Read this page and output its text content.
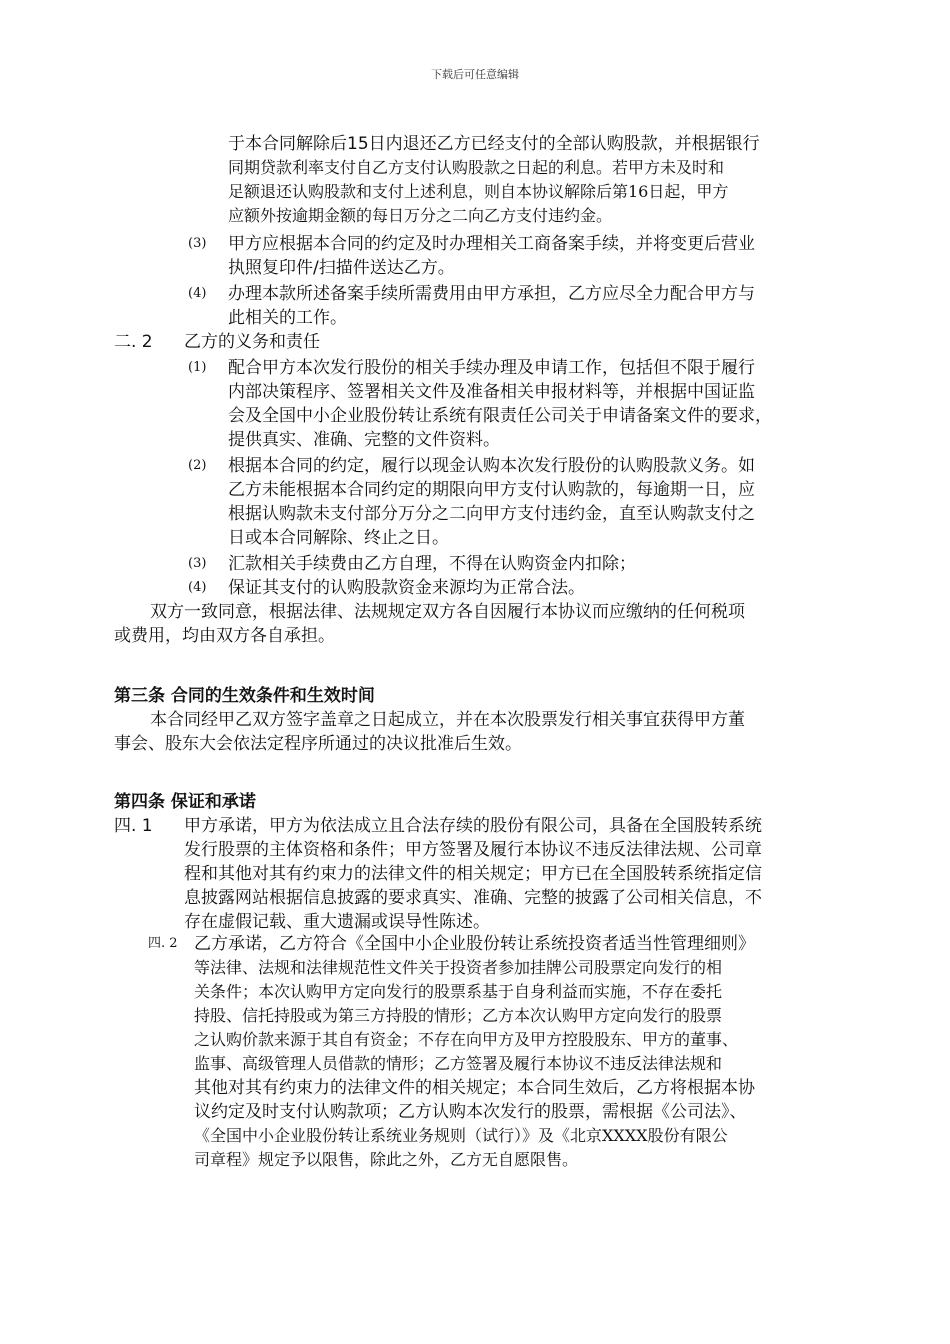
下载后可任意编辑
于本合同解除后15日内退还乙方已经支付的全部认购股款，并根据银行
同期贷款利率支付自乙方支付认购股款之日起的利息。若甲方未及时和
足额退还认购股款和支付上述利息，则自本协议解除后第16日起，甲方
应额外按逾期金额的每日万分之二向乙方支付违约金。
(3) 甲方应根据本合同的约定及时办理相关工商备案手续，并将变更后营业
执照复印件/扫描件送达乙方。
(4) 办理本款所述备案手续所需费用由甲方承担，乙方应尽全力配合甲方与
此相关的工作。
二. 2 乙方的义务和责任
(1) 配合甲方本次发行股份的相关手续办理及申请工作，包括但不限于履行
内部决策程序、签署相关文件及准备相关申报材料等，并根据中国证监
会及全国中小企业股份转让系统有限责任公司关于申请备案文件的要求，
提供真实、准确、完整的文件资料。
(2) 根据本合同的约定，履行以现金认购本次发行股份的认购股款义务。如
乙方未能根据本合同约定的期限向甲方支付认购款的，每逾期一日，应
根据认购款未支付部分万分之二向甲方支付违约金，直至认购款支付之
日或本合同解除、终止之日。
(3) 汇款相关手续费由乙方自理，不得在认购资金内扣除；
(4) 保证其支付的认购股款资金来源均为正常合法。
双方一致同意，根据法律、法规规定双方各自因履行本协议而应缴纳的任何税项
或费用，均由双方各自承担。
第三条 合同的生效条件和生效时间
本合同经甲乙双方签字盖章之日起成立，并在本次股票发行相关事宜获得甲方董
事会、股东大会依法定程序所通过的决议批准后生效。
第四条 保证和承诺
四. 1 甲方承诺，甲方为依法成立且合法存续的股份有限公司，具备在全国股转系统
发行股票的主体资格和条件；甲方签署及履行本协议不违反法律法规、公司章
程和其他对其有约束力的法律文件的相关规定；甲方已在全国股转系统指定信
息披露网站根据信息披露的要求真实、准确、完整的披露了公司相关信息，不
存在虚假记载、重大遗漏或误导性陈述。
四. 2 乙方承诺，乙方符合《全国中小企业股份转让系统投资者适当性管理细则》
等法律、法规和法律规范性文件关于投资者参加挂牌公司股票定向发行的相
关条件；本次认购甲方定向发行的股票系基于自身利益而实施，不存在委托
持股、信托持股或为第三方持股的情形；乙方本次认购甲方定向发行的股票
之认购价款来源于其自有资金；不存在向甲方及甲方控股股东、甲方的董事、
监事、高级管理人员借款的情形；乙方签署及履行本协议不违反法律法规和
其他对其有约束力的法律文件的相关规定；本合同生效后，乙方将根据本协
议约定及时支付认购款项；乙方认购本次发行的股票，需根据《公司法》、
《全国中小企业股份转让系统业务规则（试行）》及《北京XXXX股份有限公
司章程》规定予以限售，除此之外，乙方无自愿限售。
